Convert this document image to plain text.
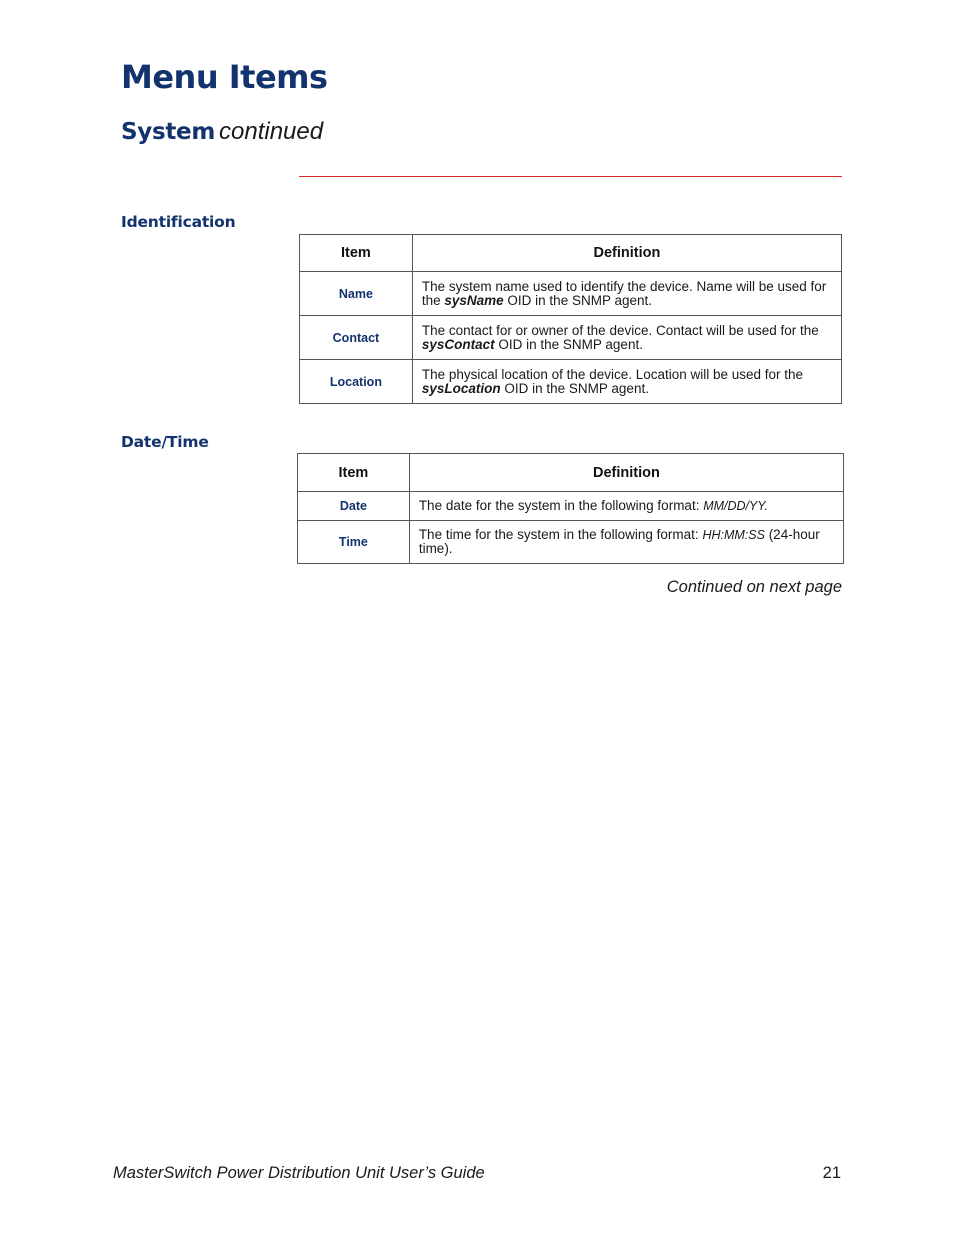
Menu Items
System continued
Identification
Item	Definition
Name	The system name used to identify the device. Name will be used for the sysName OID in the SNMP agent.
Contact	The contact for or owner of the device. Contact will be used for the sysContact OID in the SNMP agent.
Location	The physical location of the device. Location will be used for the sysLocation OID in the SNMP agent.
Date/Time
Item	Definition
Date	The date for the system in the following format: MM/DD/YY.
Time	The time for the system in the following format: HH:MM:SS (24-hour time).
Continued on next page
MasterSwitch Power Distribution Unit User’s Guide	21
